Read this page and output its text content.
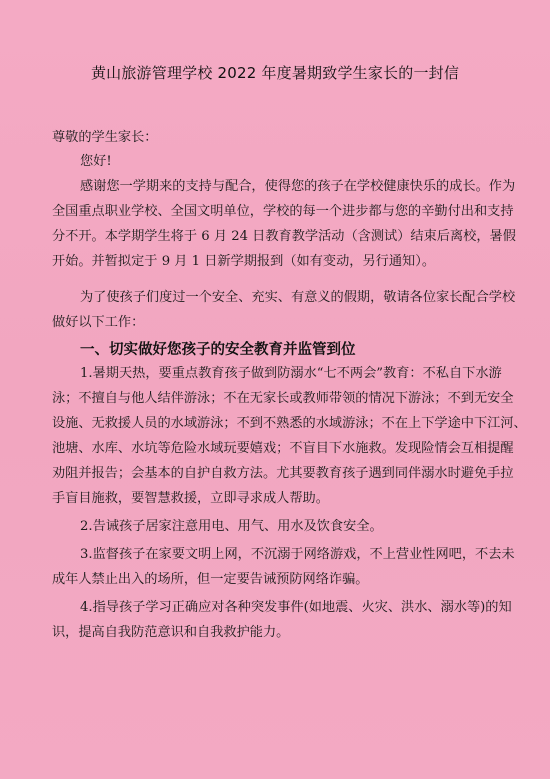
黄山旅游管理学校 2022 年度暑期致学生家长的一封信
尊敬的学生家长：
您好!
感谢您一学期来的支持与配合，使得您的孩子在学校健康快乐的成长。作为
全国重点职业学校、全国文明单位，学校的每一个进步都与您的辛勤付出和支持
分不开。本学期学生将于 6 月 24 日教育教学活动（含测试）结束后离校，暑假
开始。并暂拟定于 9 月 1 日新学期报到（如有变动，另行通知）。
为了使孩子们度过一个安全、充实、有意义的假期，敬请各位家长配合学校
做好以下工作：
一、切实做好您孩子的安全教育并监管到位
1.暑期天热，要重点教育孩子做到防溺水“七不两会”教育：不私自下水游
泳；不擅自与他人结伴游泳；不在无家长或教师带领的情况下游泳；不到无安全
设施、无救援人员的水域游泳；不到不熟悉的水域游泳；不在上下学途中下江河、
池塘、水库、水坑等危险水域玩要嬉戏；不盲目下水施救。发现险情会互相提醒
劝阻并报告；会基本的自护自救方法。尤其要教育孩子遇到同伴溺水时避免手拉
手盲目施救，要智慧救援，立即寻求成人帮助。
2.告诫孩子居家注意用电、用气、用水及饮食安全。
3.监督孩子在家要文明上网，不沉溺于网络游戏，不上营业性网吧，不去未
成年人禁止出入的场所，但一定要告诫预防网络诈骗。
4.指导孩子学习正确应对各种突发事件(如地震、火灾、洪水、溺水等)的知
识，提高自我防范意识和自我救护能力。
